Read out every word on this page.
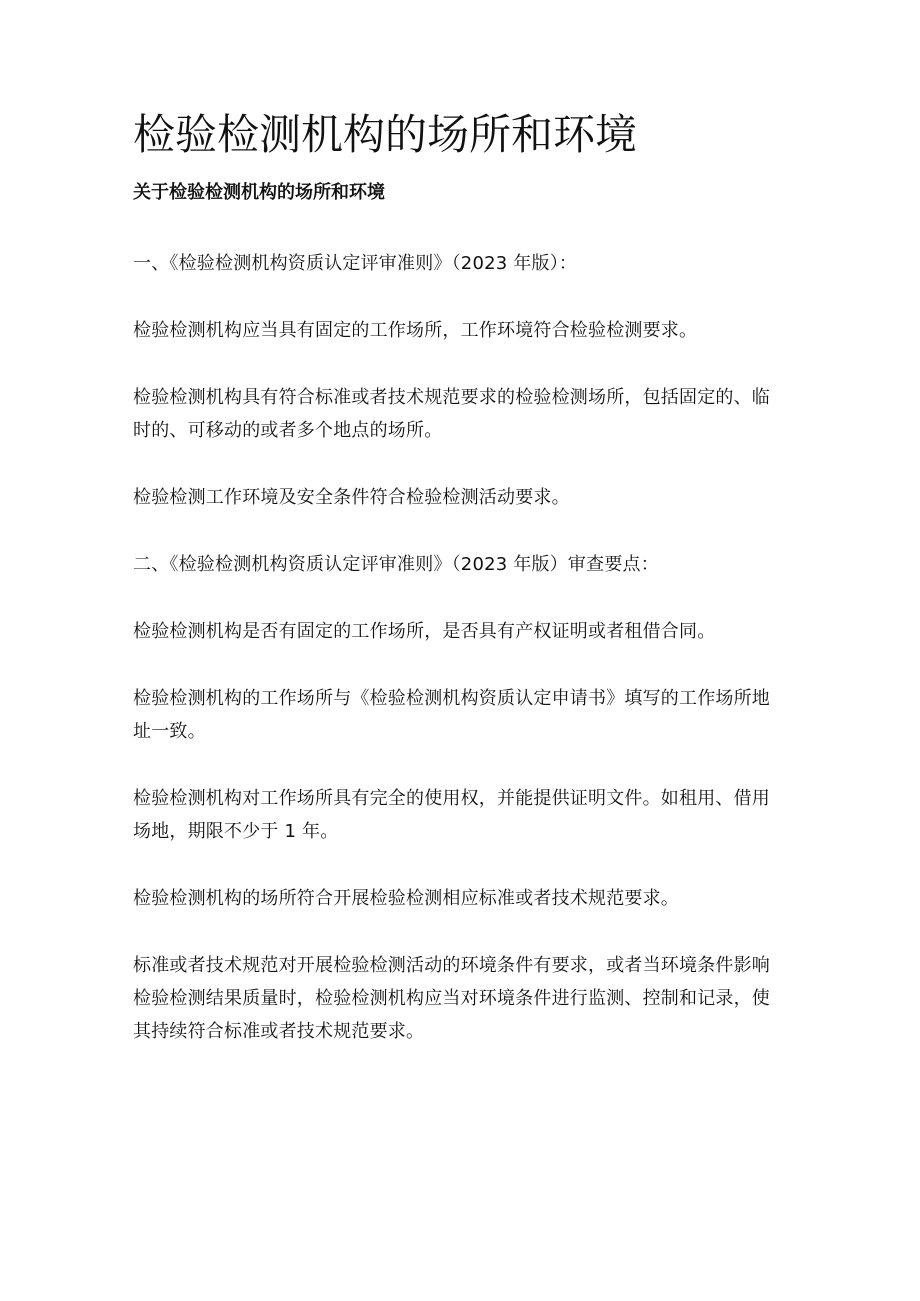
检验检测机构的场所和环境
关于检验检测机构的场所和环境

一、《检验检测机构资质认定评审准则》（2023 年版）：

检验检测机构应当具有固定的工作场所，工作环境符合检验检测要求。

检验检测机构具有符合标准或者技术规范要求的检验检测场所，包括固定的、临时的、可移动的或者多个地点的场所。

检验检测工作环境及安全条件符合检验检测活动要求。

二、《检验检测机构资质认定评审准则》（2023 年版）审查要点：

检验检测机构是否有固定的工作场所，是否具有产权证明或者租借合同。

检验检测机构的工作场所与《检验检测机构资质认定申请书》填写的工作场所地址一致。

检验检测机构对工作场所具有完全的使用权，并能提供证明文件。如租用、借用场地，期限不少于 1 年。

检验检测机构的场所符合开展检验检测相应标准或者技术规范要求。

标准或者技术规范对开展检验检测活动的环境条件有要求，或者当环境条件影响检验检测结果质量时，检验检测机构应当对环境条件进行监测、控制和记录，使其持续符合标准或者技术规范要求。
